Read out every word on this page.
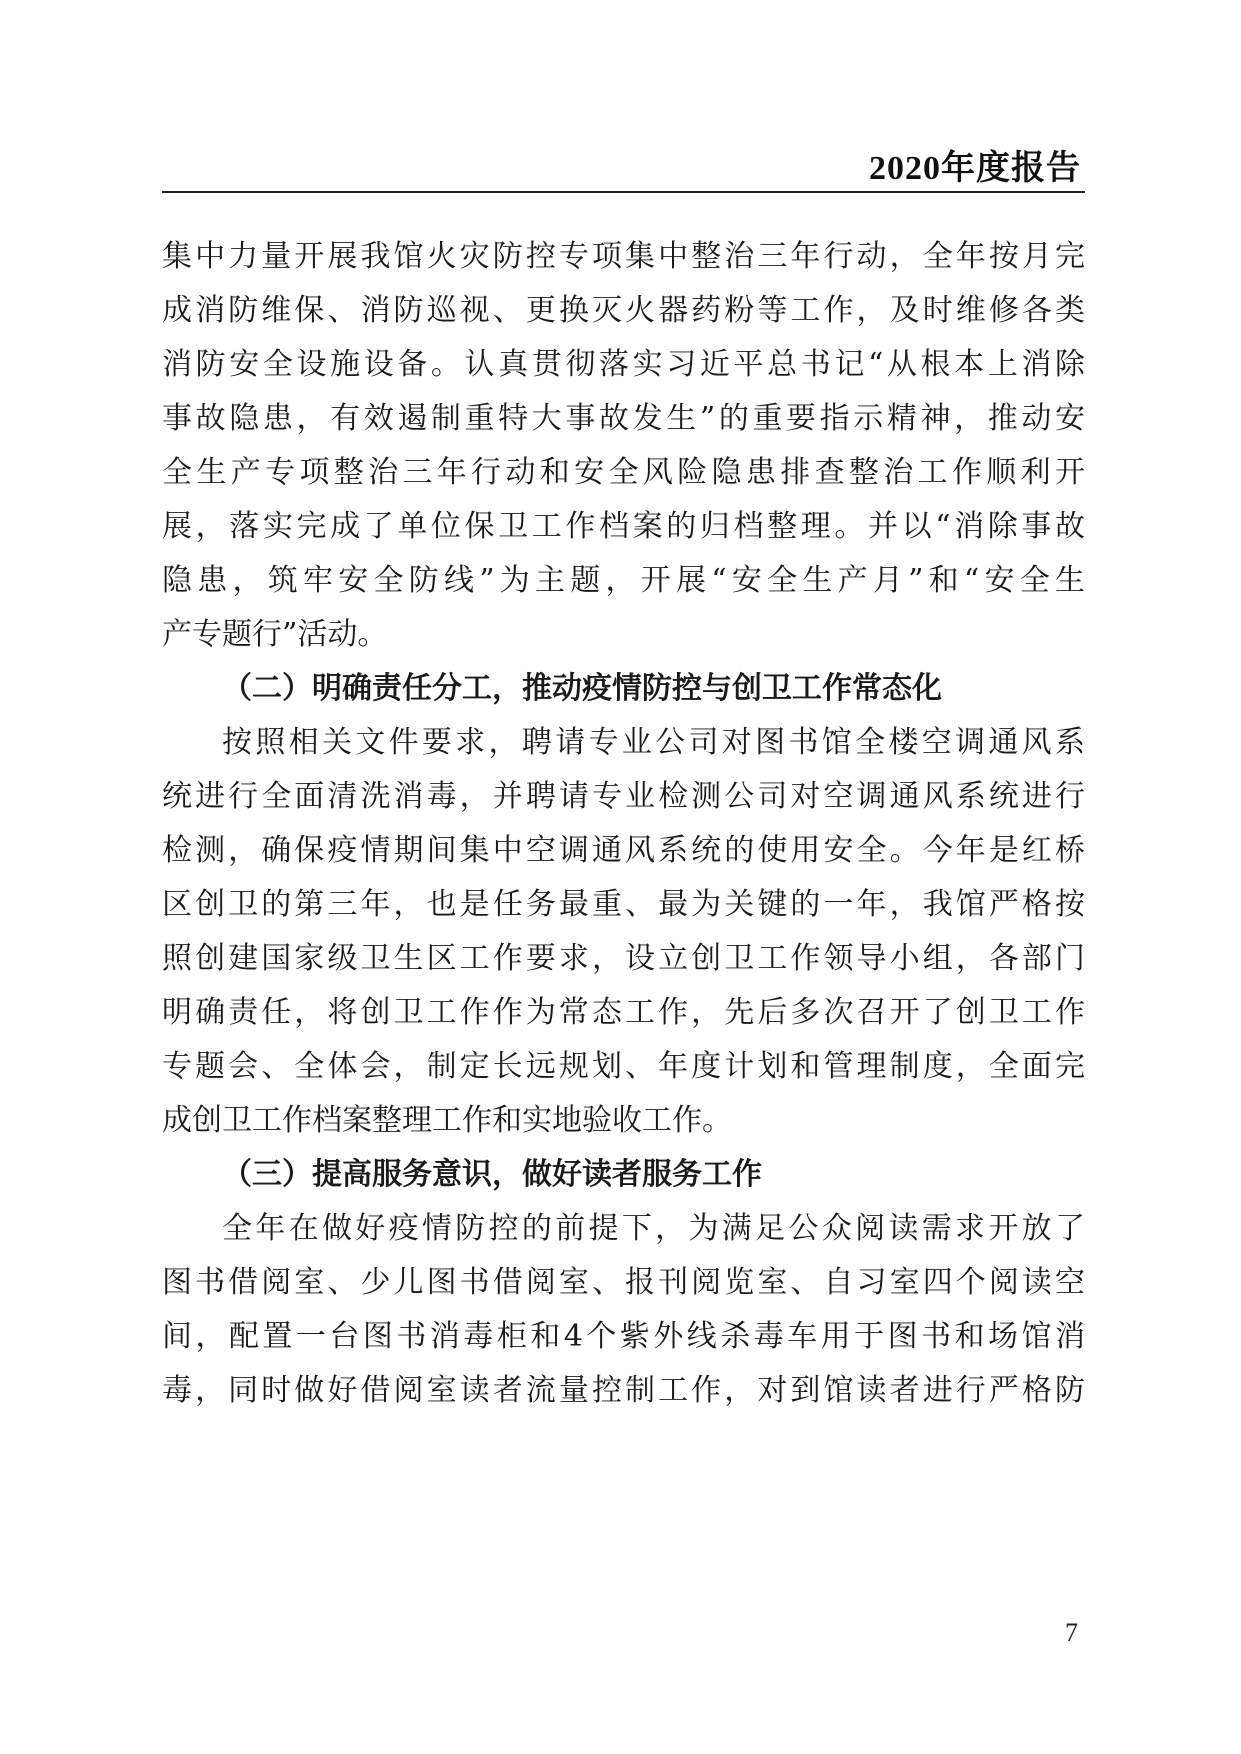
2020年度报告
集中力量开展我馆火灾防控专项集中整治三年行动，全年按月完
成消防维保、消防巡视、更换灭火器药粉等工作，及时维修各类
消防安全设施设备。认真贯彻落实习近平总书记“从根本上消除
事故隐患，有效遏制重特大事故发生”的重要指示精神，推动安
全生产专项整治三年行动和安全风险隐患排查整治工作顺利开
展，落实完成了单位保卫工作档案的归档整理。并以“消除事故
隐患，筑牢安全防线”为主题，开展“安全生产月”和“安全生
产专题行”活动。
（二）明确责任分工，推动疫情防控与创卫工作常态化
按照相关文件要求，聘请专业公司对图书馆全楼空调通风系
统进行全面清洗消毒，并聘请专业检测公司对空调通风系统进行
检测，确保疫情期间集中空调通风系统的使用安全。今年是红桥
区创卫的第三年，也是任务最重、最为关键的一年，我馆严格按
照创建国家级卫生区工作要求，设立创卫工作领导小组，各部门
明确责任，将创卫工作作为常态工作，先后多次召开了创卫工作
专题会、全体会，制定长远规划、年度计划和管理制度，全面完
成创卫工作档案整理工作和实地验收工作。
（三）提高服务意识，做好读者服务工作
全年在做好疫情防控的前提下，为满足公众阅读需求开放了
图书借阅室、少儿图书借阅室、报刊阅览室、自习室四个阅读空
间，配置一台图书消毒柜和4个紫外线杀毒车用于图书和场馆消
毒，同时做好借阅室读者流量控制工作，对到馆读者进行严格防
7
